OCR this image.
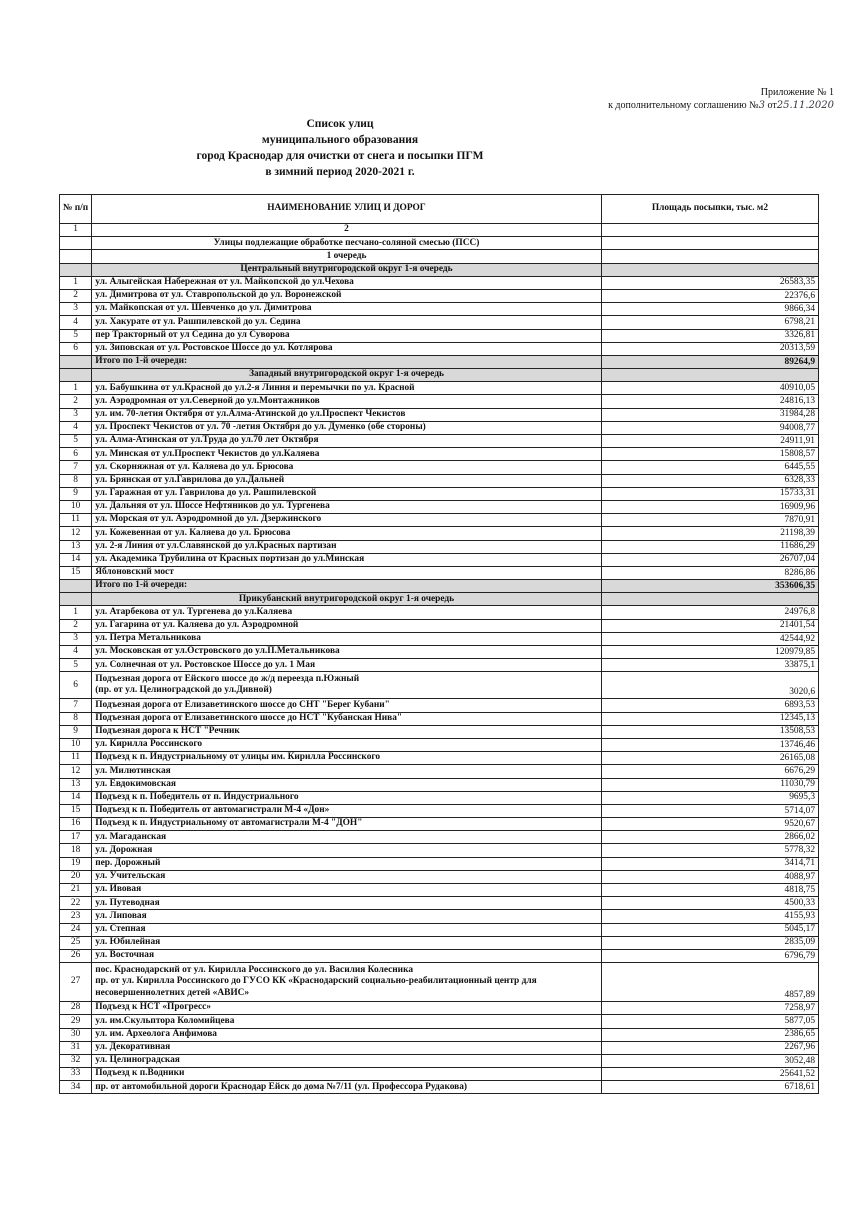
Приложение № 1
к дополнительному соглашению №3 от25.11.2020
Список улиц
муниципального образования
город Краснодар для очистки от снега и посыпки ПГМ
в зимний период 2020-2021 г.
№ п/п	НАИМЕНОВАНИЕ УЛИЦ И ДОРОГ	Площадь посыпки, тыс. м2
1	2	
	Улицы подлежащие обработке песчано-соляной смесью (ПСС)	
	1 очередь	
	Центральный внутригородской округ 1-я очередь	
1	ул. Алыгейская Набережная от ул. Майкопской до ул.Чехова	26583,35
2	ул. Димитрова от ул. Ставропольской до ул. Воронежской	22376,6
3	ул. Майкопская от ул. Шевченко до ул. Димитрова	9866,34
4	ул. Хакурате от ул. Рашпилевской до ул. Седина	6798,21
5	пер Тракторный от ул Седина до ул Суворова	3326,81
6	ул. Зиповская от ул. Ростовское Шоссе до ул. Котлярова	20313,59
	Итого по 1-й очереди:	89264,9
	Западный внутригородской округ 1-я очередь	
1	ул. Бабушкина от ул.Красной до ул.2-я Линия и перемычки по ул. Красной	40910,05
2	ул. Аэродромная от ул.Северной до ул.Монтажников	24816,13
3	ул. им. 70-летия Октября от ул.Алма-Атинской до ул.Проспект Чекистов	31984,28
4	ул. Проспект Чекистов от ул. 70 -летия Октября до ул. Думенко (обе стороны)	94008,77
5	ул. Алма-Атинская от ул.Труда до ул.70 лет Октября	24911,91
6	ул. Минская от ул.Проспект Чекистов до ул.Каляева	15808,57
7	ул. Скорняжная от ул. Каляева до ул. Брюсова	6445,55
8	ул. Брянская от ул.Гаврилова до ул.Дальней	6328,33
9	ул. Гаражная от ул. Гаврилова до ул. Рашпилевской	15733,31
10	ул. Дальняя от ул. Шоссе Нефтяников до ул. Тургенева	16909,96
11	ул. Морская от ул. Аэродромной до ул. Дзержинского	7870,91
12	ул. Кожевенная от ул. Каляева до ул. Брюсова	21198,39
13	ул. 2-я Линия от ул.Славянской до ул.Красных партизан	11686,29
14	ул. Академика Трубилина от Красных портизан до ул.Минская	26707,04
15	Яблоновский мост	8286,86
	Итого по 1-й очереди:	353606,35
	Прикубанский внутригородской округ 1-я очередь	
1	ул. Атарбекова от ул. Тургенева до ул.Каляева	24976,8
2	ул. Гагарина от ул. Каляева до ул. Аэродромной	21401,54
3	ул. Петра Метальникова	42544,92
4	ул. Московская от ул.Островского до ул.П.Метальникова	120979,85
5	ул. Солнечная от ул. Ростовское Шоссе до ул. 1 Мая	33875,1
6	Подъезная дорога от Ейского шоссе до ж/д переезда п.Южный
(пр. от ул. Целиноградской до ул.Дивной)	3020,6
7	Подъезная дорога от Елизаветинского шоссе до СНТ "Берег Кубани"	6893,53
8	Подъезная дорога от Елизаветинского шоссе до НСТ "Кубанская Нива"	12345,13
9	Подъезная дорога к НСТ "Речник	13508,53
10	ул. Кирилла Россинского	13746,46
11	Подъезд к п. Индустриальному от улицы им. Кирилла Россинского	26165,08
12	ул. Милютинская	6676,29
13	ул. Евдокимовская	11030,79
14	Подъезд к п. Победитель от п. Индустриального	9695,3
15	Подъезд к п. Победитель от автомагистрали М-4 «Дон»	5714,07
16	Подъезд к п. Индустриальному от автомагистрали М-4 "ДОН"	9520,67
17	ул. Магаданская	2866,02
18	ул. Дорожная	5778,32
19	пер. Дорожный	3414,71
20	ул. Учительская	4088,97
21	ул. Ивовая	4818,75
22	ул. Путеводная	4500,33
23	ул. Липовая	4155,93
24	ул. Степная	5045,17
25	ул. Юбилейная	2835,09
26	ул. Восточная	6796,79
27	пос. Краснодарский от ул. Кирилла Россинского до ул. Василия Колесника
пр. от ул. Кирилла Россинского до ГУСО КК «Краснодарский социально-реабилитационный центр для несовершеннолетних детей «АВИС»	4857,89
28	Подъезд к НСТ «Прогресс»	7258,97
29	ул. им.Скульптора Коломийцева	5877,05
30	ул. им. Археолога Анфимова	2386,65
31	ул. Декоративная	2267,96
32	ул. Целиноградская	3052,48
33	Подъезд к п.Водники	25641,52
34	пр. от автомобильной дороги Краснодар Ейск до дома №7/11 (ул. Профессора Рудакова)	6718,61
